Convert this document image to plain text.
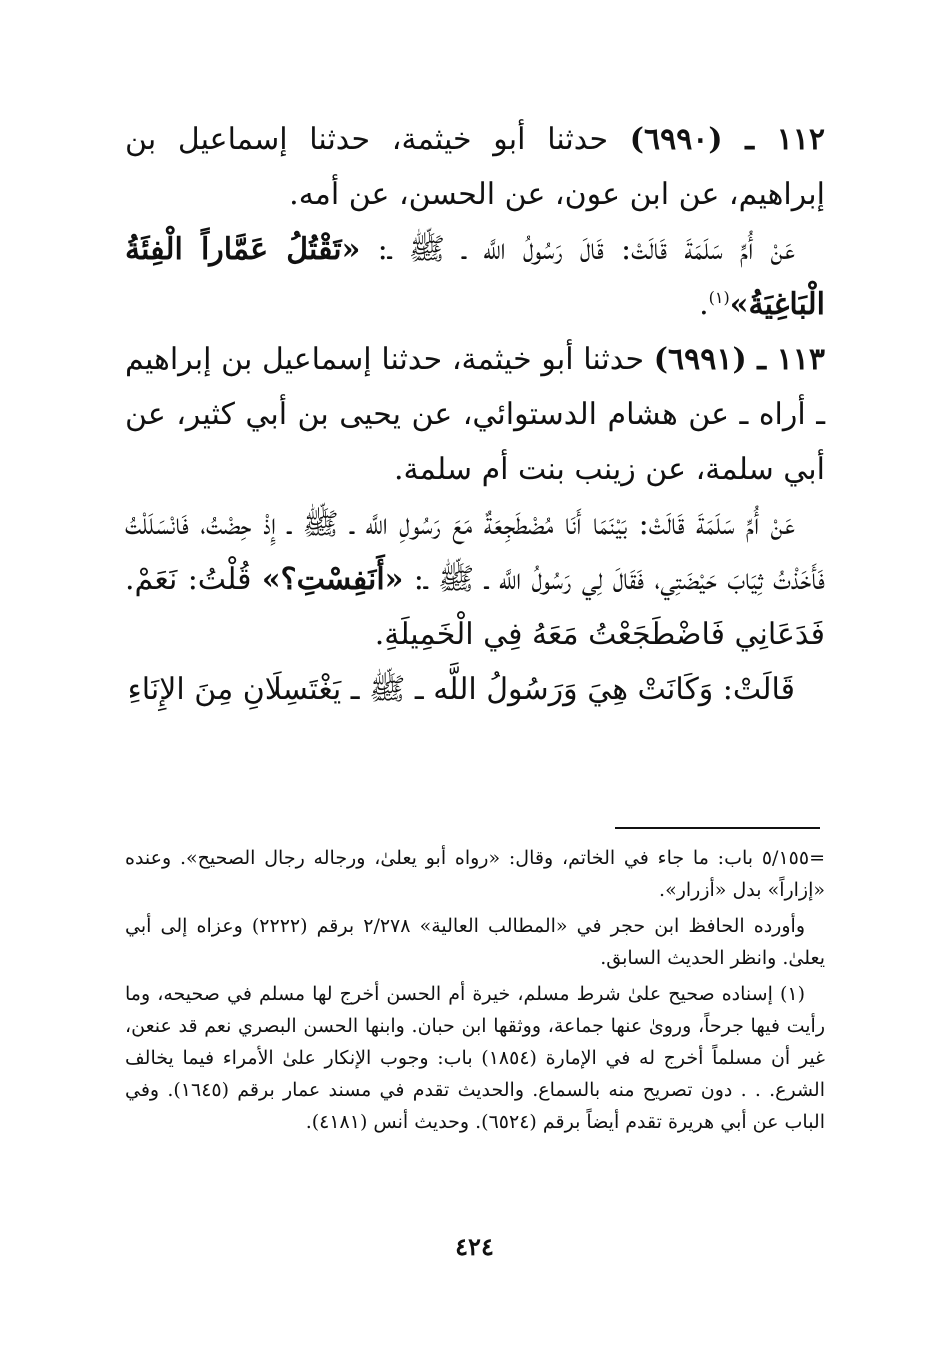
١١٢ ـ (٦٩٩٠) حدثنا أبو خيثمة، حدثنا إسماعيل بن إبراهيم، عن ابن عون، عن الحسن، عن أمه.

عَنْ أُمِّ سَلَمَةَ قَالَتْ: قَالَ رَسُولُ اللَّه ـ ﷺ ـ: «تَقْتُلُ عَمَّاراً الْفِئَةُ الْبَاغِيَةُ»$^{(١)}$.

١١٣ ـ (٦٩٩١) حدثنا أبو خيثمة، حدثنا إسماعيل بن إبراهيم ـ أراه ـ عن هشام الدستوائي، عن يحيى بن أبي كثير، عن أبي سلمة، عن زينب بنت أم سلمة.

عَنْ أُمِّ سَلَمَةَ قَالَتْ: بَيْنَمَا أَنَا مُضْطَجِعَةٌ مَعَ رَسُولِ اللَّه ـ ﷺ ـ إِذْ حِضْتُ، فَانْسَلَلْتُ فَأَخَذْتُ ثِيَابَ حَيْضَتِي، فَقَالَ لِي رَسُولُ اللَّه ـ ﷺ ـ: «أَنَفِسْتِ؟» قُلْتُ: نَعَمْ. فَدَعَانِي فَاضْطَجَعْتُ مَعَهُ فِي الْخَمِيلَةِ.

قَالَتْ: وَكَانَتْ هِيَ وَرَسُولُ اللَّه ـ ﷺ ـ يَغْتَسِلَانِ مِنَ الإِنَاءِ

=٥/١٥٥ باب: ما جاء في الخاتم، وقال: «رواه أبو يعلىٰ، ورجاله رجال الصحيح». وعنده «إزاراً» بدل «أزرار».

وأورده الحافظ ابن حجر في «المطالب العالية» ٢/٢٧٨ برقم (٢٢٢٢) وعزاه إلى أبي يعلىٰ. وانظر الحديث السابق.

(١) إسناده صحيح علىٰ شرط مسلم، خيرة أم الحسن أخرج لها مسلم في صحيحه، وما رأيت فيها جرحاً، وروىٰ عنها جماعة، ووثقها ابن حبان. وابنها الحسن البصري نعم قد عنعن، غير أن مسلماً أخرج له في الإمارة (١٨٥٤) باب: وجوب الإنكار علىٰ الأمراء فيما يخالف الشرع. . . دون تصريح منه بالسماع. والحديث تقدم في مسند عمار برقم (١٦٤٥). وفي الباب عن أبي هريرة تقدم أيضاً برقم (٦٥٢٤). وحديث أنس (٤١٨١).

٤٢٤
